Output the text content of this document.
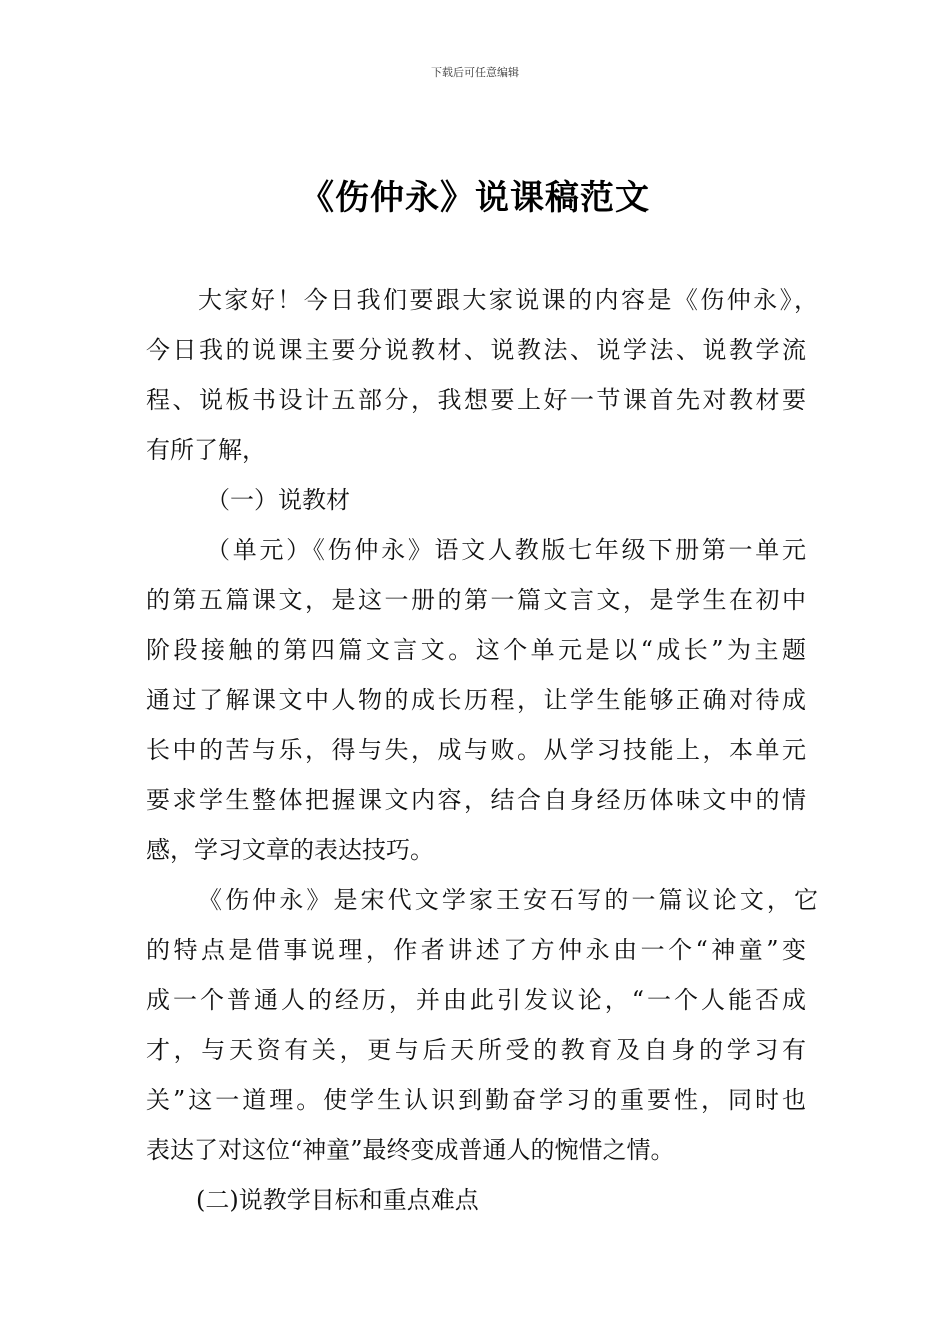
下载后可任意编辑
《伤仲永》说课稿范文
大家好！今日我们要跟大家说课的内容是《伤仲永》，
今日我的说课主要分说教材、说教法、说学法、说教学流
程、说板书设计五部分，我想要上好一节课首先对教材要
有所了解，
（一）说教材
（单元）《伤仲永》语文人教版七年级下册第一单元
的第五篇课文，是这一册的第一篇文言文，是学生在初中
阶段接触的第四篇文言文。这个单元是以“成长”为主题
通过了解课文中人物的成长历程，让学生能够正确对待成
长中的苦与乐，得与失，成与败。从学习技能上，本单元
要求学生整体把握课文内容，结合自身经历体味文中的情
感，学习文章的表达技巧。
《伤仲永》是宋代文学家王安石写的一篇议论文，它
的特点是借事说理，作者讲述了方仲永由一个“神童”变
成一个普通人的经历，并由此引发议论，“一个人能否成
才，与天资有关，更与后天所受的教育及自身的学习有
关”这一道理。使学生认识到勤奋学习的重要性，同时也
表达了对这位“神童”最终变成普通人的惋惜之情。
(二)说教学目标和重点难点
